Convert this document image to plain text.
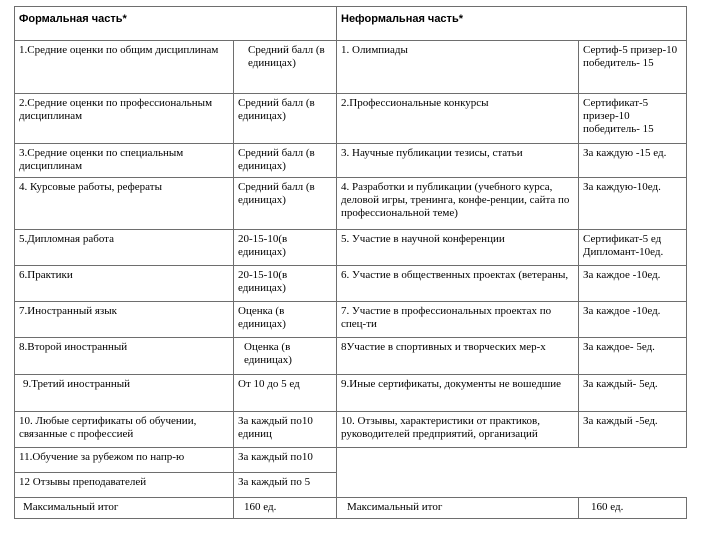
Формальная часть*		Неформальная часть*	
1.Средние оценки по общим дисциплинам	Средний балл (в единицах)	1. Олимпиады	Сертиф-5 призер-10 победитель- 15
2.Средние оценки по профессиональным дисциплинам	Средний балл (в единицах)	2.Профессиональные конкурсы	Сертификат-5 призер-10 победитель- 15
3.Средние оценки по специальным дисциплинам	Средний балл (в единицах)	3. Научные публикации тезисы, статьи	За каждую -15 ед.
4. Курсовые работы, рефераты	Средний балл (в единицах)	4. Разработки и публикации (учебного курса, деловой игры, тренинга, конфе-ренции, сайта по профессиональной теме)	За каждую-10ед.
5.Дипломная работа	20-15-10(в единицах)	5. Участие в научной конференции	Сертификат-5 ед Дипломант-10ед.
6.Практики	20-15-10(в единицах)	6. Участие в общественных проектах (ветераны,	За каждое -10ед.
7.Иностранный язык	Оценка (в единицах)	7. Участие в профессиональных проектах по спец-ти	За каждое -10ед.
8.Второй иностранный	Оценка (в единицах)	8Участие в спортивных и творческих мер-х	За каждое- 5ед.
9.Третий иностранный	От 10 до 5 ед	9.Иные сертификаты, документы не вошедшие	За каждый- 5ед.
10. Любые сертификаты об обучении, связанные с профессией	За каждый по10 единиц	10. Отзывы, характеристики от практиков, руководителей предприятий, организаций	За каждый -5ед.
11.Обучение за рубежом по напр-ю	За каждый по10		
12 Отзывы преподавателей	За каждый по 5		
Максимальный итог	160 ед.	Максимальный итог	160 ед.
